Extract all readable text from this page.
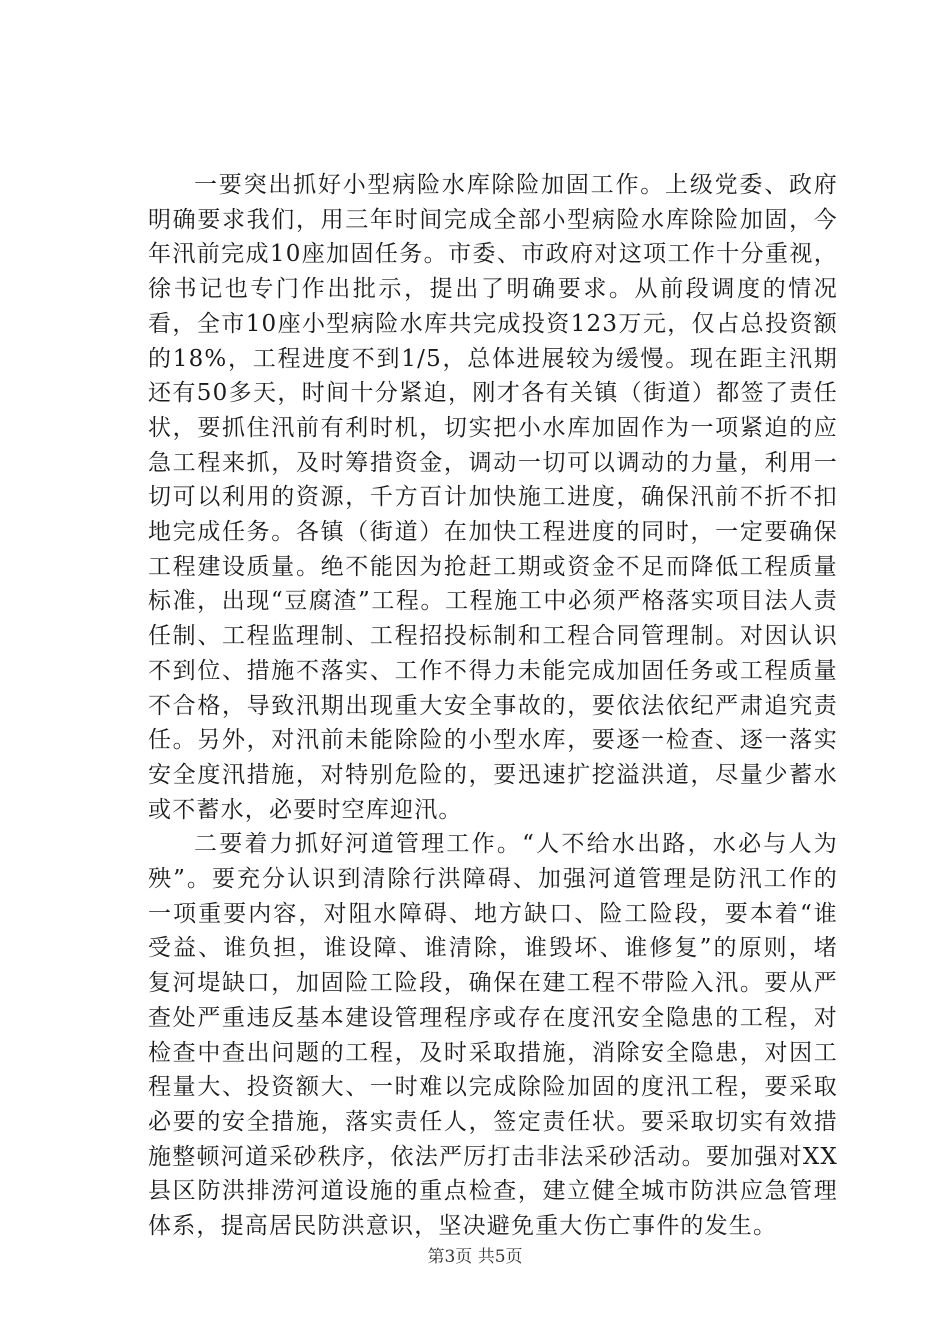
一要突出抓好小型病险水库除险加固工作。上级党委、政府明确要求我们，用三年时间完成全部小型病险水库除险加固，今年汛前完成10座加固任务。市委、市政府对这项工作十分重视，徐书记也专门作出批示，提出了明确要求。从前段调度的情况看，全市10座小型病险水库共完成投资123万元，仅占总投资额的18%，工程进度不到1/5，总体进展较为缓慢。现在距主汛期还有50多天，时间十分紧迫，刚才各有关镇（街道）都签了责任状，要抓住汛前有利时机，切实把小水库加固作为一项紧迫的应急工程来抓，及时筹措资金，调动一切可以调动的力量，利用一切可以利用的资源，千方百计加快施工进度，确保汛前不折不扣地完成任务。各镇（街道）在加快工程进度的同时，一定要确保工程建设质量。绝不能因为抢赶工期或资金不足而降低工程质量标准，出现“豆腐渣”工程。工程施工中必须严格落实项目法人责任制、工程监理制、工程招投标制和工程合同管理制。对因认识不到位、措施不落实、工作不得力未能完成加固任务或工程质量不合格，导致汛期出现重大安全事故的，要依法依纪严肃追究责任。另外，对汛前未能除险的小型水库，要逐一检查、逐一落实安全度汛措施，对特别危险的，要迅速扩挖溢洪道，尽量少蓄水或不蓄水，必要时空库迎汛。

二要着力抓好河道管理工作。“人不给水出路，水必与人为殃”。要充分认识到清除行洪障碍、加强河道管理是防汛工作的一项重要内容，对阻水障碍、地方缺口、险工险段，要本着“谁受益、谁负担，谁设障、谁清除，谁毁坏、谁修复”的原则，堵复河堤缺口，加固险工险段，确保在建工程不带险入汛。要从严查处严重违反基本建设管理程序或存在度汛安全隐患的工程，对检查中查出问题的工程，及时采取措施，消除安全隐患，对因工程量大、投资额大、一时难以完成除险加固的度汛工程，要采取必要的安全措施，落实责任人，签定责任状。要采取切实有效措施整顿河道采砂秩序，依法严厉打击非法采砂活动。要加强对XX县区防洪排涝河道设施的重点检查，建立健全城市防洪应急管理体系，提高居民防洪意识，坚决避免重大伤亡事件的发生。

第3页 共5页
